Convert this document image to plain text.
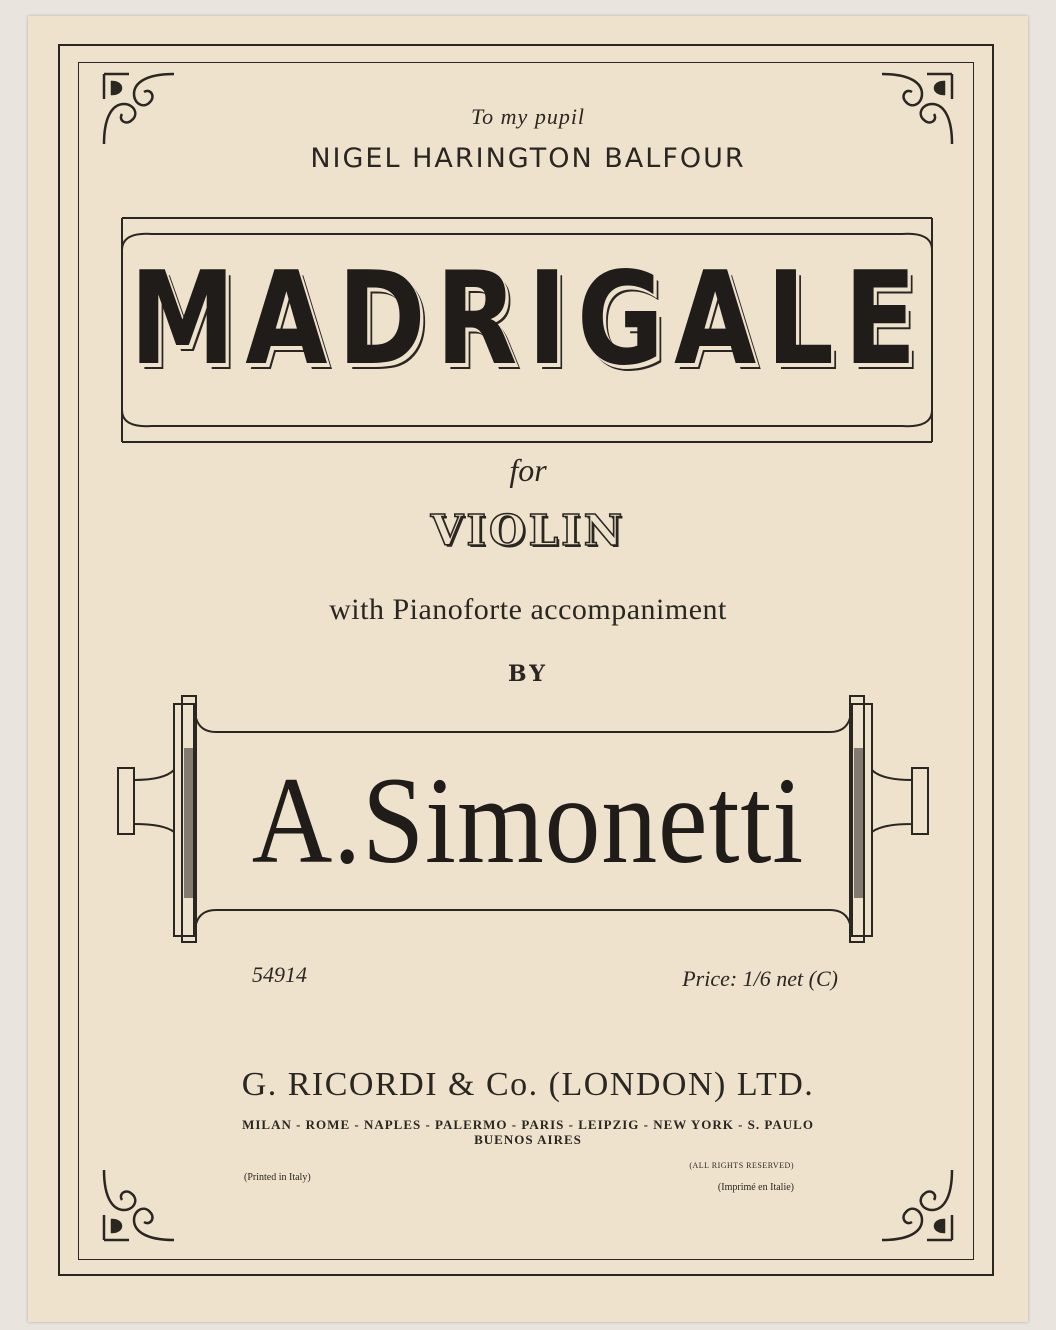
To my pupil
NIGEL HARINGTON BALFOUR
MADRIGALE
for
VIOLIN
with Pianoforte accompaniment
BY
A.Simonetti
54914	Price: 1/6 net (C)
G. RICORDI & Co. (LONDON) LTD.
MILAN - ROME - NAPLES - PALERMO - PARIS - LEIPZIG - NEW YORK - S. PAULO
BUENOS AIRES
(Printed in Italy)
(ALL RIGHTS RESERVED)
(Imprimé en Italie)
